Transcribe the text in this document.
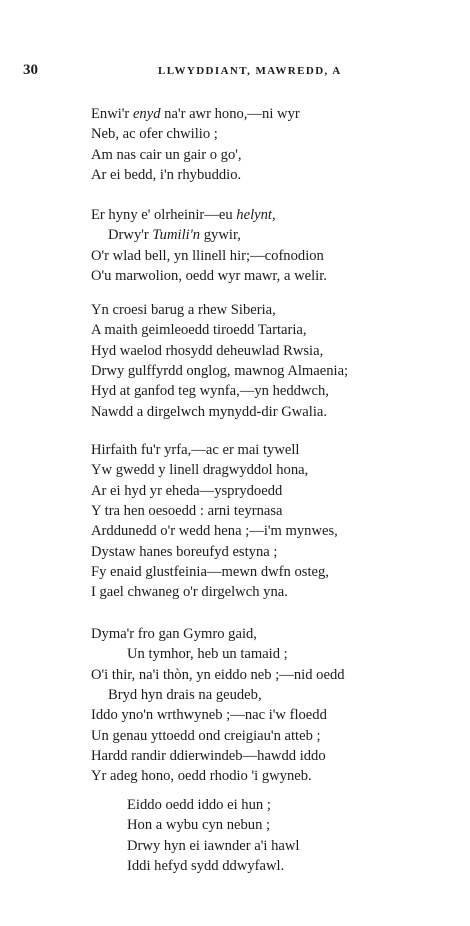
30	LLWYDDIANT, MAWREDD, A
Enwi'r enyd na'r awr hono,—ni wyr
Neb, ac ofer chwilio ;
Am nas cair un gair o go',
Ar ei bedd, i'n rhybuddio.
Er hyny e' olrheinir—eu helynt,
Drwy'r Tumili'n gywir,
O'r wlad bell, yn llinell hir;—cofnodion
O'u marwolion, oedd wyr mawr, a welir.
Yn croesi barug a rhew Siberia,
A maith geimleoedd tiroedd Tartaria,
Hyd waelod rhosydd deheuwlad Rwsia,
Drwy gulffyrdd onglog, mawnog Almaenia;
Hyd at ganfod teg wynfa,—yn heddwch,
Nawdd a dirgelwch mynydd-dir Gwalia.
Hirfaith fu'r yrfa,—ac er mai tywell
Yw gwedd y linell dragwyddol hona,
Ar ei hyd yr eheda—ysprydoedd
Y tra hen oesoedd : arni teyrnasa
Arddunedd o'r wedd hena ;—i'm mynwes,
Dystaw hanes boreufyd estyna ;
Fy enaid glustfeinia—mewn dwfn osteg,
I gael chwaneg o'r dirgelwch yna.
Dyma'r fro gan Gymro gaid,
Un tymhor, heb un tamaid ;
O'i thir, na'i thòn, yn eiddo neb ;—nid oedd
Bryd hyn drais na geudeb,
Iddo yno'n wrthwyneb ;—nac i'w floedd
Un genau yttoedd ond creigiau'n atteb ;
Hardd randir ddierwindeb—hawdd iddo
Yr adeg hono, oedd rhodio 'i gwyneb.
Eiddo oedd iddo ei hun ;
Hon a wybu cyn nebun ;
Drwy hyn ei iawnder a'i hawl
Iddi hefyd sydd ddwyfawl.
